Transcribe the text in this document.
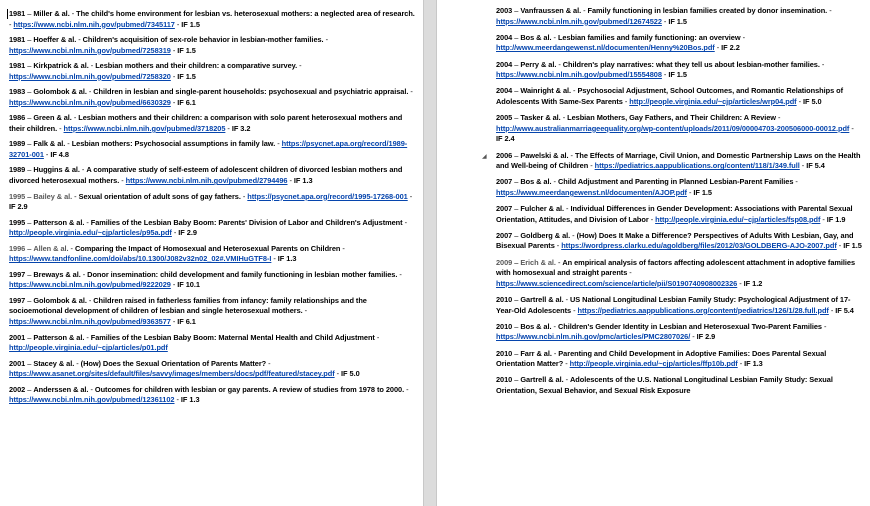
1981 – Miller & al. - The child's home environment for lesbian vs. heterosexual mothers: a neglected area of research. - https://www.ncbi.nlm.nih.gov/pubmed/7345117 - IF 1.5
1981 – Hoeffer & al. - Children's acquisition of sex-role behavior in lesbian-mother families. - https://www.ncbi.nlm.nih.gov/pubmed/7258319 - IF 1.5
1981 – Kirkpatrick & al. - Lesbian mothers and their children: a comparative survey. - https://www.ncbi.nlm.nih.gov/pubmed/7258320 - IF 1.5
1983 – Golombok & al. - Children in lesbian and single-parent households: psychosexual and psychiatric appraisal. - https://www.ncbi.nlm.nih.gov/pubmed/6630329 - IF 6.1
1986 – Green & al. - Lesbian mothers and their children: a comparison with solo parent heterosexual mothers and their children. - https://www.ncbi.nlm.nih.gov/pubmed/3718205 - IF 3.2
1989 – Falk & al. - Lesbian mothers: Psychosocial assumptions in family law. - https://psycnet.apa.org/record/1989-32701-001 - IF 4.8
1989 – Huggins & al. - A comparative study of self-esteem of adolescent children of divorced lesbian mothers and divorced heterosexual mothers. - https://www.ncbi.nlm.nih.gov/pubmed/2794496 - IF 1.3
1995 – Bailey & al. - Sexual orientation of adult sons of gay fathers. - https://psycnet.apa.org/record/1995-17268-001 - IF 2.9
1995 – Patterson & al. - Families of the Lesbian Baby Boom: Parents' Division of Labor and Children's Adjustment - http://people.virginia.edu/~cjp/articles/p95a.pdf - IF 2.9
1996 – Allen & al. - Comparing the Impact of Homosexual and Heterosexual Parents on Children - https://www.tandfonline.com/doi/abs/10.1300/J082v32n02_02#.VMIHuGTF8-I - IF 1.3
1997 – Breways & al. - Donor insemination: child development and family functioning in lesbian mother families. - https://www.ncbi.nlm.nih.gov/pubmed/9222029 - IF 10.1
1997 – Golombok & al. - Children raised in fatherless families from infancy: family relationships and the socioemotional development of children of lesbian and single heterosexual mothers. - https://www.ncbi.nlm.nih.gov/pubmed/9363577 - IF 6.1
2001 – Patterson & al. - Families of the Lesbian Baby Boom: Maternal Mental Health and Child Adjustment - http://people.virginia.edu/~cjp/articles/p01.pdf
2001 – Stacey & al. - (How) Does the Sexual Orientation of Parents Matter? - https://www.asanet.org/sites/default/files/savvy/images/members/docs/pdf/featured/stacey.pdf - IF 5.0
2002 – Anderssen & al. - Outcomes for children with lesbian or gay parents. A review of studies from 1978 to 2000. - https://www.ncbi.nlm.nih.gov/pubmed/12361102 - IF 1.3
2003 – Vanfraussen & al. - Family functioning in lesbian families created by donor insemination. - https://www.ncbi.nlm.nih.gov/pubmed/12674522 - IF 1.5
2004 – Bos & al. - Lesbian families and family functioning: an overview - http://www.meerdangewenst.nl/documenten/Henny%20Bos.pdf - IF 2.2
2004 – Perry & al. - Children's play narratives: what they tell us about lesbian-mother families. - https://www.ncbi.nlm.nih.gov/pubmed/15554808 - IF 1.5
2004 – Wainright & al. - Psychosocial Adjustment, School Outcomes, and Romantic Relationships of Adolescents With Same-Sex Parents - http://people.virginia.edu/~cjp/articles/wrp04.pdf - IF 5.0
2005 – Tasker & al. - Lesbian Mothers, Gay Fathers, and Their Children: A Review - http://www.australianmarriageequality.org/wp-content/uploads/2011/09/00004703-200506000-00012.pdf - IF 2.4
◢ 2006 – Pawelski & al. - The Effects of Marriage, Civil Union, and Domestic Partnership Laws on the Health and Well-being of Children - https://pediatrics.aappublications.org/content/118/1/349.full - IF 5.4
2007 – Bos & al. - Child Adjustment and Parenting in Planned Lesbian-Parent Families - https://www.meerdangewenst.nl/documenten/AJOP.pdf - IF 1.5
2007 – Fulcher & al. - Individual Differences in Gender Development: Associations with Parental Sexual Orientation, Attitudes, and Division of Labor - http://people.virginia.edu/~cjp/articles/fsp08.pdf - IF 1.9
2007 – Goldberg & al. - (How) Does It Make a Difference? Perspectives of Adults With Lesbian, Gay, and Bisexual Parents - https://wordpress.clarku.edu/agoldberg/files/2012/03/GOLDBERG-AJO-2007.pdf - IF 1.5
2009 – Erich & al. - An empirical analysis of factors affecting adolescent attachment in adoptive families with homosexual and straight parents - https://www.sciencedirect.com/science/article/pii/S0190740908002326 - IF 1.2
2010 – Gartrell & al. - US National Longitudinal Lesbian Family Study: Psychological Adjustment of 17-Year-Old Adolescents - https://pediatrics.aappublications.org/content/pediatrics/126/1/28.full.pdf - IF 5.4
2010 – Bos & al. - Children's Gender Identity in Lesbian and Heterosexual Two-Parent Families - https://www.ncbi.nlm.nih.gov/pmc/articles/PMC2807026/ - IF 2.9
2010 – Farr & al. - Parenting and Child Development in Adoptive Families: Does Parental Sexual Orientation Matter? - http://people.virginia.edu/~cjp/articles/ffp10b.pdf - IF 1.3
2010 – Gartrell & al. - Adolescents of the U.S. National Longitudinal Lesbian Family Study: Sexual Orientation, Sexual Behavior, and Sexual Risk Exposure
